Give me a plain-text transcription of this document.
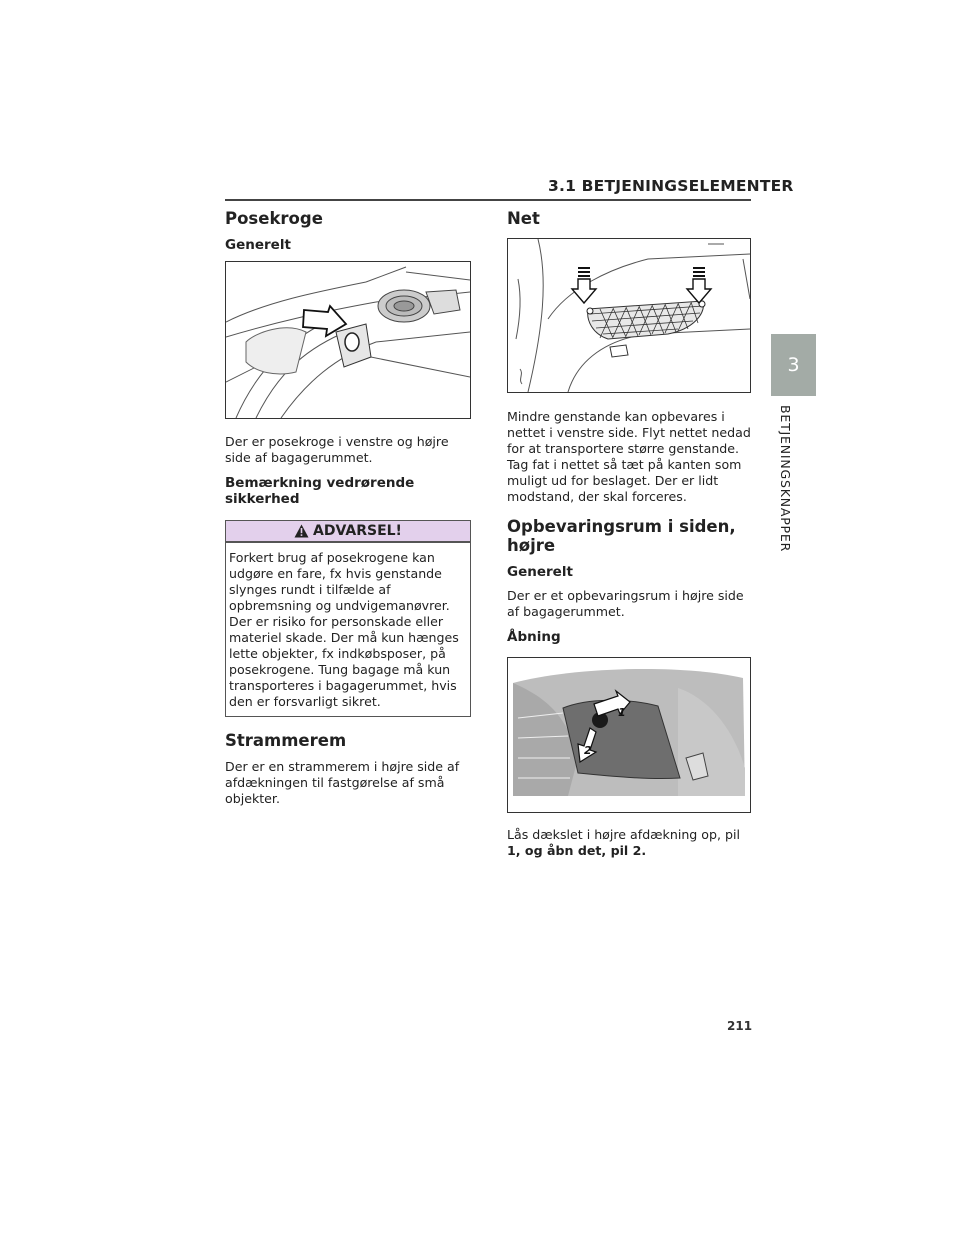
3.1 BETJENINGSELEMENTER
3
BETJENINGSKNAPPER
Posekroge
Generelt

Der er posekroge i venstre og højre side af bagagerummet.

Bemærkning vedrørende sikkerhed
ADVARSEL!

Forkert brug af posekrogene kan udgøre en fare, fx hvis genstande slynges rundt i tilfælde af opbremsning og undvigemanøvrer. Der er risiko for personskade eller materiel skade. Der må kun hænges lette objekter, fx indkøbsposer, på posekrogene. Tung bagage må kun transporteres i bagagerummet, hvis den er forsvarligt sikret.

Strammerem

Der er en strammerem i højre side af afdækningen til fastgørelse af små objekter.

Net

Mindre genstande kan opbevares i nettet i venstre side. Flyt nettet nedad for at transportere større genstande. Tag fat i nettet så tæt på kanten som muligt ud for beslaget. Der er lidt modstand, der skal forceres.

Opbevaringsrum i siden, højre
Generelt

Der er et opbevaringsrum i højre side af bagagerummet.

Åbning
1
2

Lås dækslet i højre afdækning op, pil 1, og åbn det, pil 2.

211
